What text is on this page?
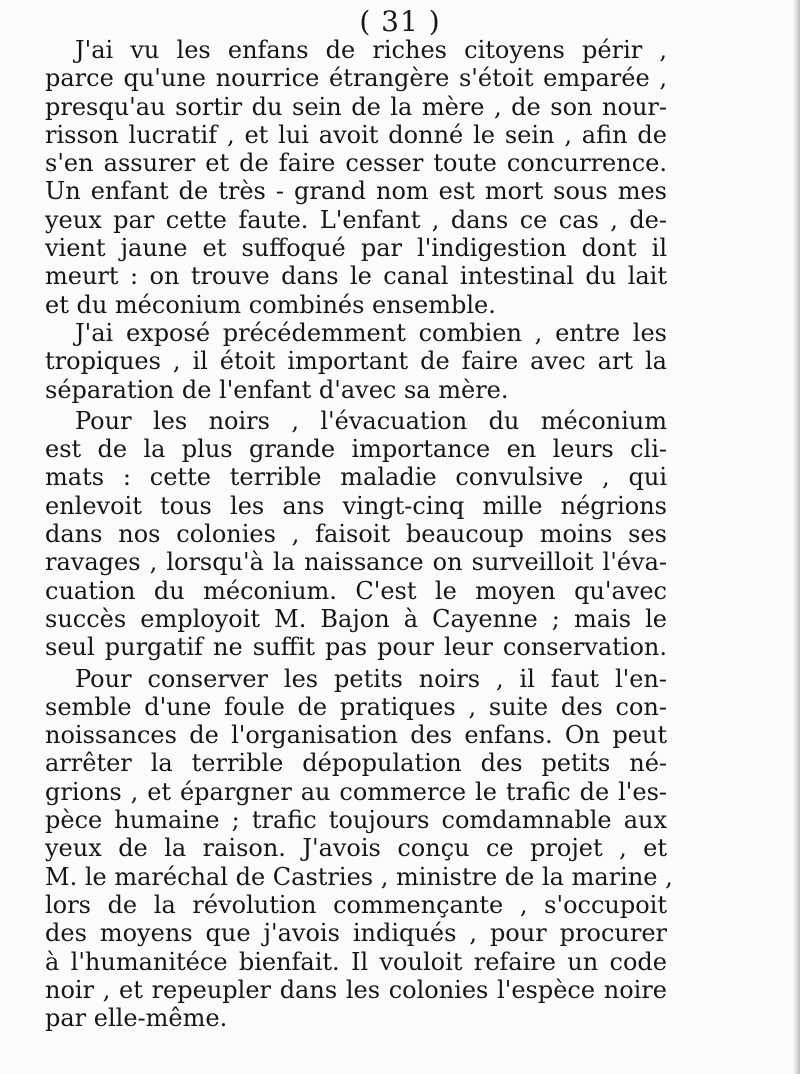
( 31 )
J'ai vu les enfans de riches citoyens périr ,
parce qu'une nourrice étrangère s'étoit emparée ,
presqu'au sortir du sein de la mère , de son nour-
risson lucratif , et lui avoit donné le sein , afin de
s'en assurer et de faire cesser toute concurrence.
Un enfant de très - grand nom est mort sous mes
yeux par cette faute. L'enfant , dans ce cas , de-
vient jaune et suffoqué par l'indigestion dont il
meurt : on trouve dans le canal intestinal du lait
et du méconium combinés ensemble.
J'ai exposé précédemment combien , entre les
tropiques , il étoit important de faire avec art la
séparation de l'enfant d'avec sa mère.
Pour les noirs , l'évacuation du méconium
est de la plus grande importance en leurs cli-
mats : cette terrible maladie convulsive , qui
enlevoit tous les ans vingt-cinq mille négrions
dans nos colonies , faisoit beaucoup moins ses
ravages , lorsqu'à la naissance on surveilloit l'éva-
cuation du méconium. C'est le moyen qu'avec
succès employoit M. Bajon à Cayenne ; mais le
seul purgatif ne suffit pas pour leur conservation.
Pour conserver les petits noirs , il faut l'en-
semble d'une foule de pratiques , suite des con-
noissances de l'organisation des enfans. On peut
arrêter la terrible dépopulation des petits né-
grions , et épargner au commerce le trafic de l'es-
pèce humaine ; trafic toujours comdamnable aux
yeux de la raison. J'avois conçu ce projet , et
M. le maréchal de Castries , ministre de la marine ,
lors de la révolution commençante , s'occupoit
des moyens que j'avois indiqués , pour procurer
à l'humanitéce bienfait. Il vouloit refaire un code
noir , et repeupler dans les colonies l'espèce noire
par elle-même.
